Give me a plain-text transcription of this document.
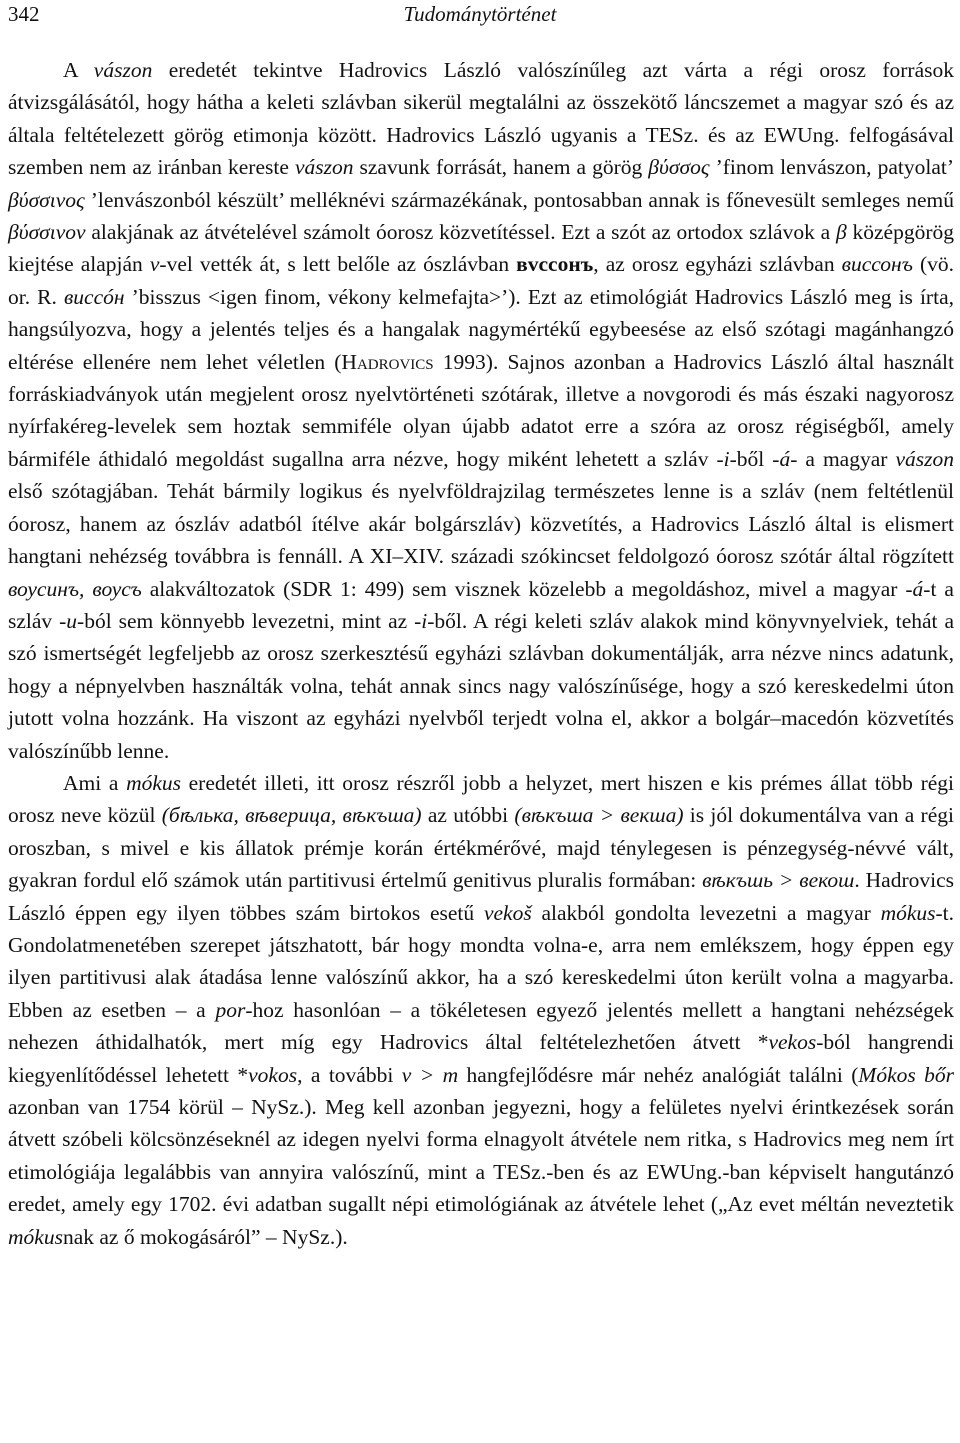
342	Tudománytörténet

A vászon eredetét tekintve Hadrovics László valószínűleg azt várta a régi orosz források átvizsgálásától, hogy hátha a keleti szlávban sikerül megtalálni az összekötő láncszemet a magyar szó és az általa feltételezett görög etimonja között. Hadrovics László ugyanis a TESz. és az EWUng. felfogásával szemben nem az iránban kereste vászon szavunk forrását, hanem a görög βύσσος ’finom lenvászon, patyolat’ βύσσινος ’lenvászonból készült’ melléknévi származékának, pontosabban annak is főnevesült semleges nemű βύσσινον alakjának az átvételével számolt óorosz közvetítéssel. Ezt a szót az ortodox szlávok a β középgörög kiejtése alapján v-vel vették át, s lett belőle az ószlávban вvссонъ, az orosz egyházi szlávban виссонъ (vö. or. R. виссóн ’bisszus <igen finom, vékony kelmefajta>’). Ezt az etimológiát Hadrovics László meg is írta, hangsúlyozva, hogy a jelentés teljes és a hangalak nagymértékű egybeesése az első szótagi magánhangzó eltérése ellenére nem lehet véletlen (Hadrovics 1993). Sajnos azonban a Hadrovics László által használt forráskiadványok után megjelent orosz nyelvtörténeti szótárak, illetve a novgorodi és más északi nagyorosz nyírfakéreg-levelek sem hoztak semmiféle olyan újabb adatot erre a szóra az orosz régiségből, amely bármiféle áthidaló megoldást sugallna arra nézve, hogy miként lehetett a szláv -i-ből -á- a magyar vászon első szótagjában. Tehát bármily logikus és nyelvföldrajzilag természetes lenne is a szláv (nem feltétlenül óorosz, hanem az ószláv adatból ítélve akár bolgárszláv) közvetítés, a Hadrovics László által is elismert hangtani nehézség továbbra is fennáll. A XI–XIV. századi szókincset feldolgozó óorosz szótár által rögzített воусинъ, воусъ alakváltozatok (SDR 1: 499) sem visznek közelebb a megoldáshoz, mivel a magyar -á-t a szláv -u-ból sem könnyebb levezetni, mint az -i-ből. A régi keleti szláv alakok mind könyvnyelviek, tehát a szó ismertségét legfeljebb az orosz szerkesztésű egyházi szlávban dokumentálják, arra nézve nincs adatunk, hogy a népnyelvben használták volna, tehát annak sincs nagy valószínűsége, hogy a szó kereskedelmi úton jutott volna hozzánk. Ha viszont az egyházi nyelvből terjedt volna el, akkor a bolgár–macedón közvetítés valószínűbb lenne.

Ami a mókus eredetét illeti, itt orosz részről jobb a helyzet, mert hiszen e kis prémes állat több régi orosz neve közül (бѣлька, вѣверица, вѣкъша) az utóbbi (вѣкъша > векша) is jól dokumentálva van a régi oroszban, s mivel e kis állatok prémje korán értékmérővé, majd ténylegesen is pénzegység-névvé vált, gyakran fordul elő számok után partitivusi értelmű genitivus pluralis formában: вѣкъшь > векош. Hadrovics László éppen egy ilyen többes szám birtokos esetű vekoš alakból gondolta levezetni a magyar mókus-t. Gondolatmenetében szerepet játszhatott, bár hogy mondta volna-e, arra nem emlékszem, hogy éppen egy ilyen partitivusi alak átadása lenne valószínű akkor, ha a szó kereskedelmi úton került volna a magyarba. Ebben az esetben – a por-hoz hasonlóan – a tökéletesen egyező jelentés mellett a hangtani nehézségek nehezen áthidalhatók, mert míg egy Hadrovics által feltételezhetően átvett *vekos-ból hangrendi kiegyenlítődéssel lehetett *vokos, a további v > m hangfejlődésre már nehéz analógiát találni (Mókos bőr azonban van 1754 körül – NySz.). Meg kell azonban jegyezni, hogy a felületes nyelvi érintkezések során átvett szóbeli kölcsönzéseknél az idegen nyelvi forma elnagyolt átvétele nem ritka, s Hadrovics meg nem írt etimológiája legalábbis van annyira valószínű, mint a TESz.-ben és az EWUng.-ban képviselt hangutánzó eredet, amely egy 1702. évi adatban sugallt népi etimológiának az átvétele lehet („Az evet méltán neveztetik mókusnak az ő mokogásáról” – NySz.).
